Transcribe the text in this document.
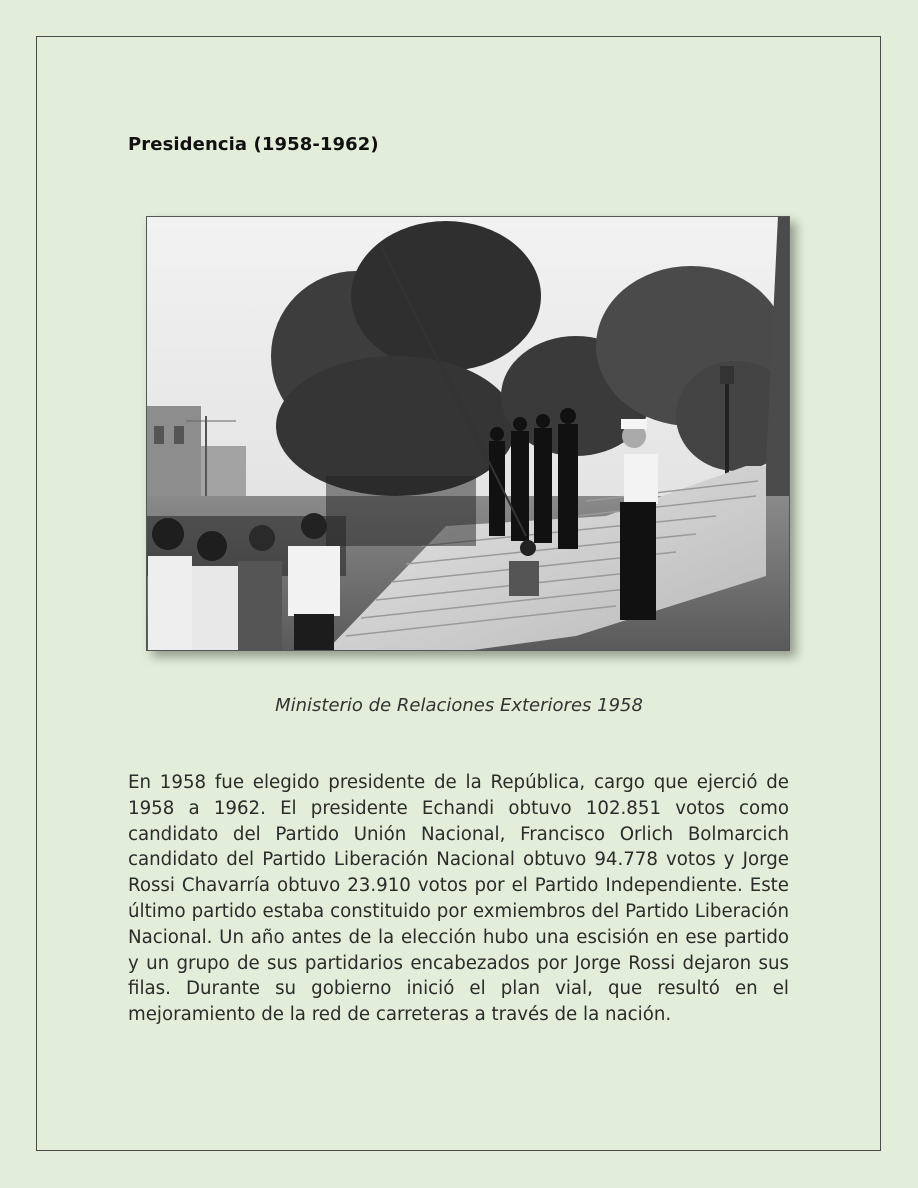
Presidencia (1958-1962)

Ministerio de Relaciones Exteriores 1958

En 1958 fue elegido presidente de la República, cargo que ejerció de 1958 a 1962. El presidente Echandi obtuvo 102.851 votos como candidato del Partido Unión Nacional, Francisco Orlich Bolmarcich candidato del Partido Liberación Nacional obtuvo 94.778 votos y Jorge Rossi Chavarría obtuvo 23.910 votos por el Partido Independiente. Este último partido estaba constituido por exmiembros del Partido Liberación Nacional. Un año antes de la elección hubo una escisión en ese partido y un grupo de sus partidarios encabezados por Jorge Rossi dejaron sus filas. Durante su gobierno inició el plan vial, que resultó en el mejoramiento de la red de carreteras a través de la nación.
